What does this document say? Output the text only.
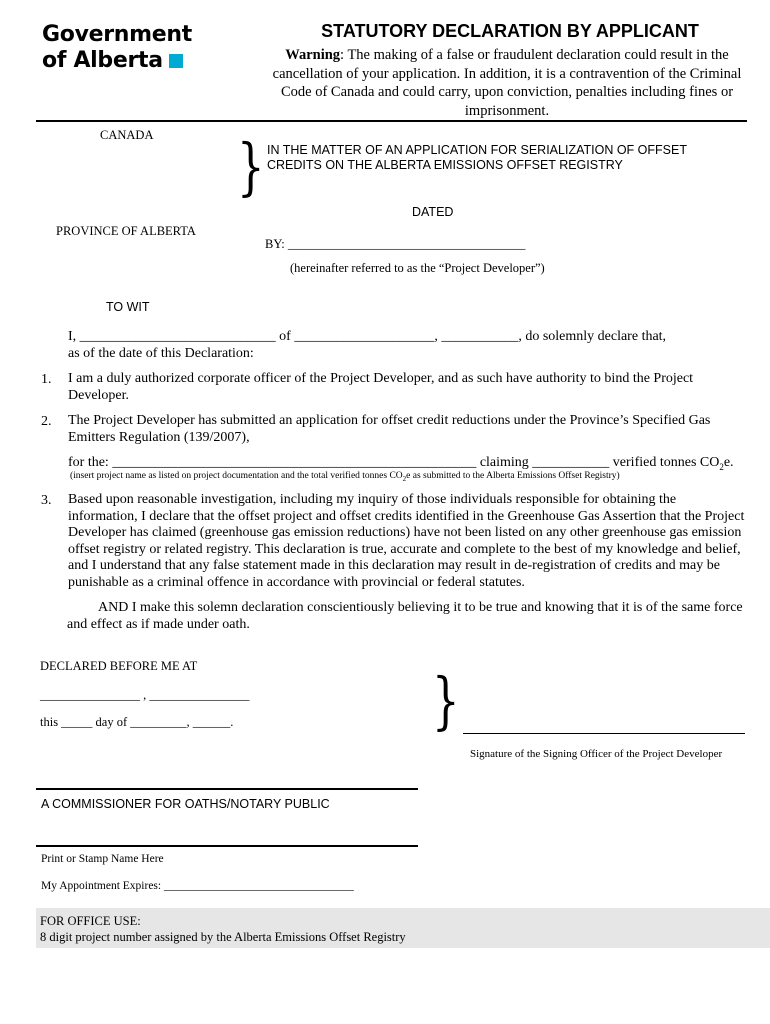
Government
of Alberta
STATUTORY DECLARATION BY APPLICANT
Warning: The making of a false or fraudulent declaration could result in the cancellation of your application. In addition, it is a contravention of the Criminal Code of Canada and could carry, upon conviction, penalties including fines or imprisonment.
CANADA } IN THE MATTER OF AN APPLICATION FOR SERIALIZATION OF OFFSET
CREDITS ON THE ALBERTA EMISSIONS OFFSET REGISTRY
DATED
PROVINCE OF ALBERTA
BY: ______________________________________
(hereinafter referred to as the “Project Developer”)
TO WIT
I, ____________________________ of ____________________, ___________, do solemnly declare that,
as of the date of this Declaration:
1. I am a duly authorized corporate officer of the Project Developer, and as such have authority to bind the Project
Developer.
2. The Project Developer has submitted an application for offset credit reductions under the Province’s Specified Gas
Emitters Regulation (139/2007),
for the: ____________________________________________________ claiming ___________ verified tonnes $CO_2e$.
(insert project name as listed on project documentation and the total verified tonnes $CO_2e$ as submitted to the Alberta Emissions Offset Registry)
3. Based upon reasonable investigation, including my inquiry of those individuals responsible for obtaining the
information, I declare that the offset project and offset credits identified in the Greenhouse Gas Assertion that the Project
Developer has claimed (greenhouse gas emission reductions) have not been listed on any other greenhouse gas emission
offset registry or related registry. This declaration is true, accurate and complete to the best of my knowledge and belief,
and I understand that any false statement made in this declaration may result in de-registration of credits and may be
punishable as a criminal offence in accordance with provincial or federal statutes.
AND I make this solemn declaration conscientiously believing it to be true and knowing that it is of the same force
and effect as if made under oath.
DECLARED BEFORE ME AT
________________ , ________________
this _____ day of _________, ______.	}
Signature of the Signing Officer of the Project Developer
A COMMISSIONER FOR OATHS/NOTARY PUBLIC
Print or Stamp Name Here
My Appointment Expires: _________________________________
FOR OFFICE USE:
8 digit project number assigned by the Alberta Emissions Offset Registry
